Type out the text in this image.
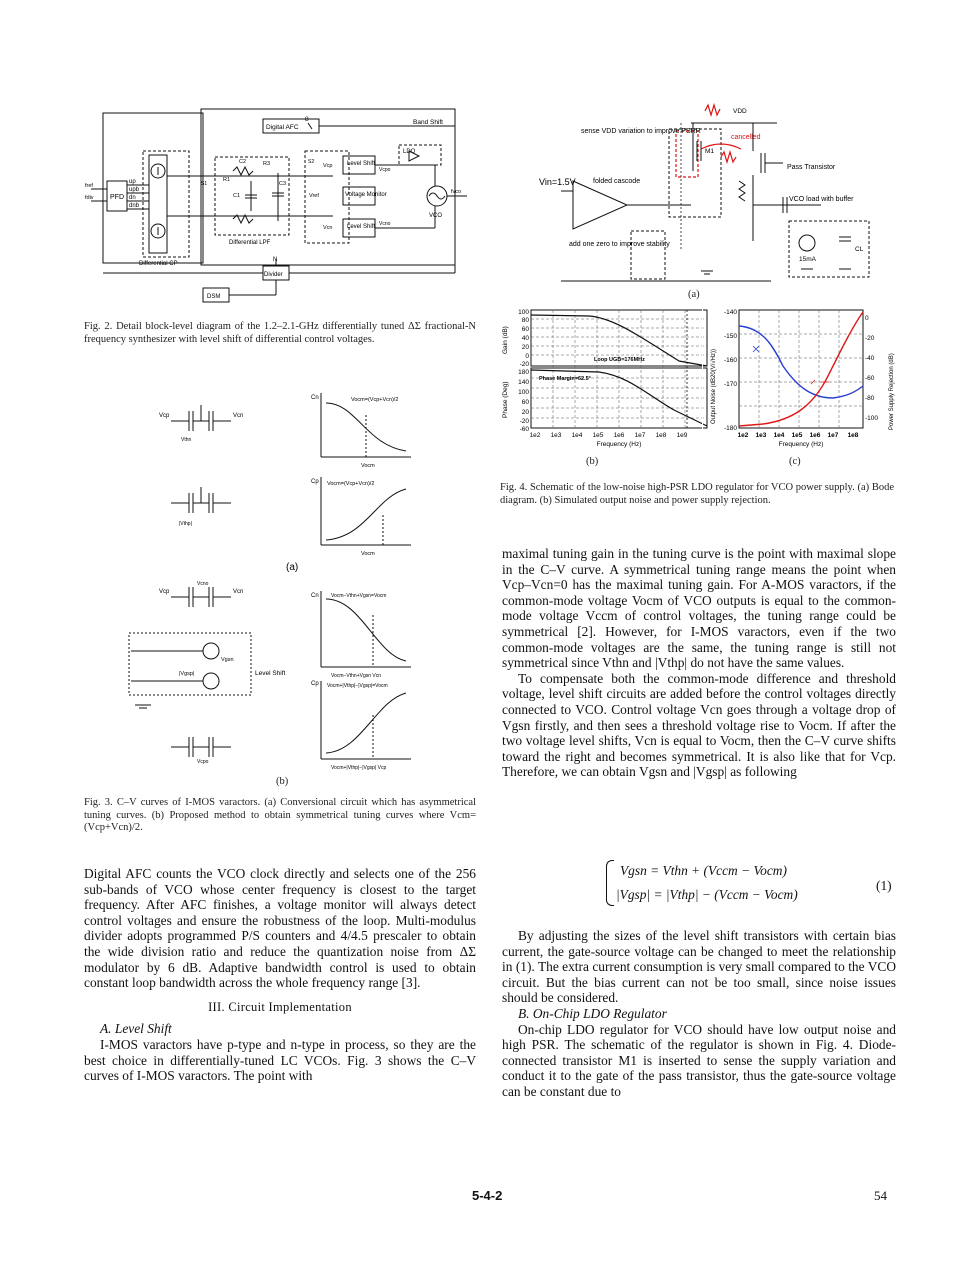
Digital AFC
8	Band Shift
PFD
up
upb
dn
dnb
fref
fdiv
Differential CP
Differential LPF
Level Shift
Voltage Monitor
Level Shift
LDO
VCO
fvco
Divider
N
DSM
Vcp
Vcn
Vref
C1
C2
C3
R1
R3
S1
S2
Vcpo
Vcno
Fig. 2. Detail block-level diagram of the 1.2–2.1-GHz differentially tuned ΔΣ fractional-N frequency synthesizer with level shift of differential control voltages.
Vcp	Vcn
Vthn
|Vthp|
Cn
Cp
Vocm=(Vcp+Vcn)/2
Vocm=(Vcp+Vcn)/2
Vocm
Vocm
(a)
Vcp	Vcn
Vcno
Vgsn
|Vgsp|	Level Shift
Vcpo
Cn
Cp
Vocm−Vthn+Vgsn=Vocm
Vocm+|Vthp|−|Vgsp|=Vocm
Vocm−Vthn+Vgsn Vcn
Vocm+|Vthp|−|Vgsp| Vcp
(b)
Fig. 3. C–V curves of I-MOS varactors. (a) Conversional circuit which has asymmetrical tuning curves. (b) Proposed method to obtain symmetrical tuning curves where Vcm=(Vcp+Vcn)/2.
VDD
sense VDD variation to improve PSRR
cancelled
M1
Pass Transistor
Vin=1.5V folded cascode
VCO load with buffer
add one zero to improve stability
15mA
CL
(a)
100
80
60
40
20
0
-20
180
140
100
60
20
-20
-60
1e2 1e3 1e4 1e5 1e6 1e7 1e8 1e9
Frequency (Hz)
Gain (dB)
Phase (Deg)
Loop UGB=176MHz
Phase Margin=62.5°
(b)
-140
-150
-160
-170
-180
0
-20
-40
-60
-80
-100
1e2 1e3 1e4 1e5 1e6 1e7 1e8
Frequency (Hz)
Output Noise (dB20(V/√Hz))	Power Supply Rejection (dB)
(c)
Fig. 4. Schematic of the low-noise high-PSR LDO regulator for VCO power supply. (a) Bode diagram. (b) Simulated output noise and power supply rejection.

Digital AFC counts the VCO clock directly and selects one of the 256 sub-bands of VCO whose center frequency is closest to the target frequency. After AFC finishes, a voltage monitor will always detect control voltages and ensure the robustness of the loop. Multi-modulus divider adopts programmed P/S counters and 4/4.5 prescaler to obtain the wide division ratio and reduce the quantization noise from ΔΣ modulator by 6 dB. Adaptive bandwidth control is used to obtain constant loop bandwidth across the whole frequency range [3].

III. Circuit Implementation

A. Level Shift

I-MOS varactors have p-type and n-type in process, so they are the best choice in differentially-tuned LC VCOs. Fig. 3 shows the C–V curves of I-MOS varactors. The point with

maximal tuning gain in the tuning curve is the point with maximal slope in the C–V curve. A symmetrical tuning range means the point when Vcp–Vcn=0 has the maximal tuning gain. For A-MOS varactors, if the common-mode voltage Vocm of VCO outputs is equal to the common-mode voltage Vccm of control voltages, the tuning range could be symmetrical [2]. However, for I-MOS varactors, even if the two common-mode voltages are the same, the tuning range is still not symmetrical since Vthn and |Vthp| do not have the same values.

To compensate both the common-mode difference and threshold voltage, level shift circuits are added before the control voltages directly connected to VCO. Control voltage Vcn goes through a voltage drop of Vgsn firstly, and then sees a threshold voltage rise to Vocm. If after the two voltage level shifts, Vcn is equal to Vocm, then the C–V curve shifts toward the right and becomes symmetrical. It is also like that for Vcp. Therefore, we can obtain Vgsn and |Vgsp| as following

Vgsn = Vthn + (Vccm − Vocm)
|Vgsp| = |Vthp| − (Vccm − Vocm)
(1)

By adjusting the sizes of the level shift transistors with certain bias current, the gate-source voltage can be changed to meet the relationship in (1). The extra current consumption is very small compared to the VCO circuit. But the bias current can not be too small, since noise issues should be considered.

B. On-Chip LDO Regulator

On-chip LDO regulator for VCO should have low output noise and high PSR. The schematic of the regulator is shown in Fig. 4. Diode-connected transistor M1 is inserted to sense the supply variation and conduct it to the gate of the pass transistor, thus the gate-source voltage can be constant due to

5-4-2	54
